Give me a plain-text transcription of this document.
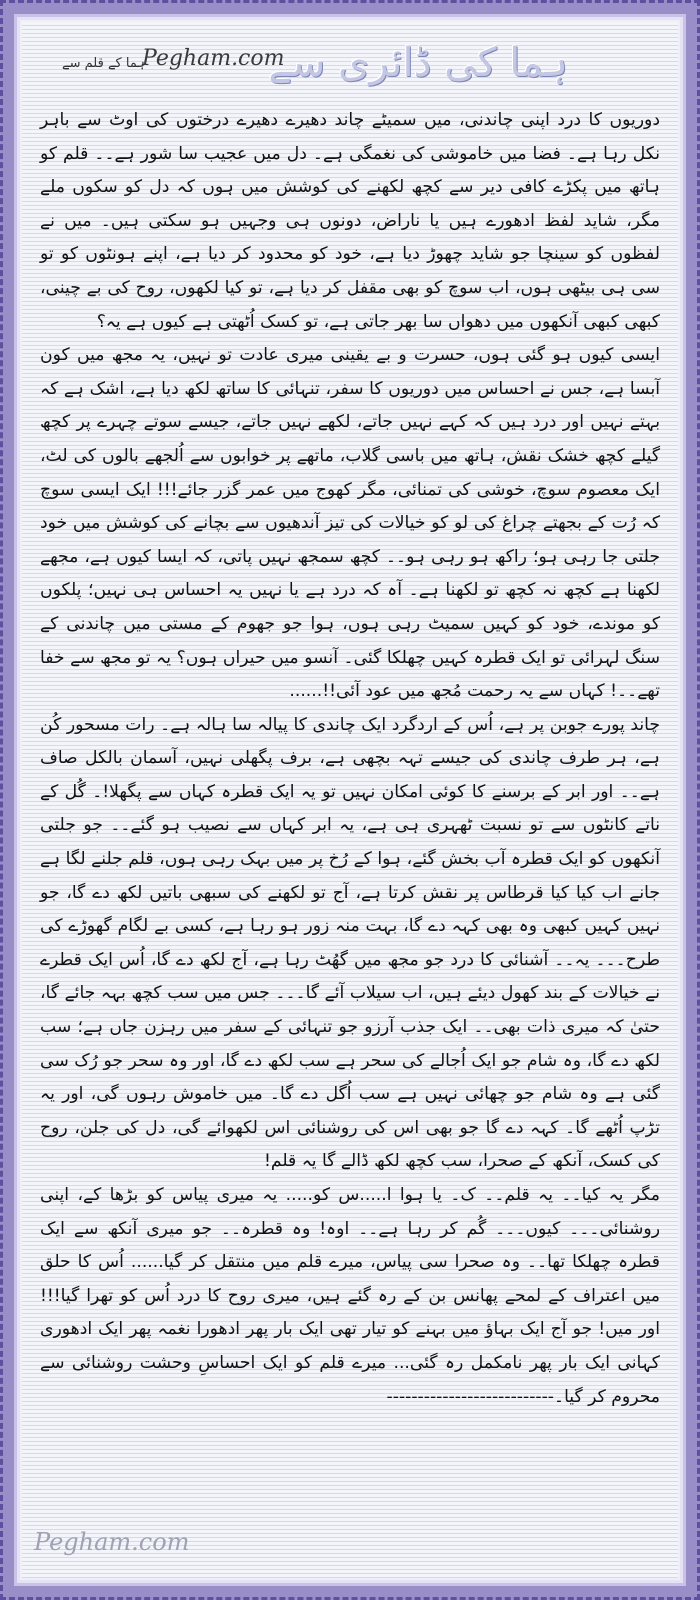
ہما کی ڈائری سے
Pegham.com
ہما کے قلم سے

دوریوں کا درد اپنی چاندنی، میں سمیٹے چاند دھیرے دھیرے درختوں کی اوٹ سے باہر نکل رہا ہے۔ فضا میں خاموشی کی نغمگی ہے۔ دل میں عجیب سا شور ہے۔۔ قلم کو ہاتھ میں پکڑے کافی دیر سے کچھ لکھنے کی کوشش میں ہوں کہ دل کو سکوں ملے مگر، شاید لفظ ادھورے ہیں یا ناراض، دونوں ہی وجہیں ہو سکتی ہیں۔ میں نے لفظوں کو سینچا جو شاید چھوڑ دیا ہے، خود کو محدود کر دیا ہے، اپنے ہونٹوں کو تو سی ہی بیٹھی ہوں، اب سوچ کو بھی مقفل کر دیا ہے، تو کیا لکھوں، روح کی بے چینی، کبھی کبھی آنکھوں میں دھواں سا بھر جاتی ہے، تو کسک اُٹھتی ہے کیوں ہے یہ؟

ایسی کیوں ہو گئی ہوں، حسرت و بے یقینی میری عادت تو نہیں، یہ مجھ میں کون آبسا ہے، جس نے احساس میں دوریوں کا سفر، تنہائی کا ساتھ لکھ دیا ہے، اشک ہے کہ بہتے نہیں اور درد ہیں کہ کہے نہیں جاتے، لکھے نہیں جاتے، جیسے سوتے چہرے پر کچھ گیلے کچھ خشک نقش، ہاتھ میں باسی گلاب، ماتھے پر خوابوں سے اُلجھے بالوں کی لٹ، ایک معصوم سوچ، خوشی کی تمنائی، مگر کھوج میں عمر گزر جائے!!! ایک ایسی سوچ کہ رُت کے بجھتے چراغ کی لو کو خیالات کی تیز آندھیوں سے بچانے کی کوشش میں خود جلتی جا رہی ہو؛ راکھ ہو رہی ہو۔۔ کچھ سمجھ نہیں پاتی، کہ ایسا کیوں ہے، مجھے لکھنا ہے کچھ نہ کچھ تو لکھنا ہے۔ آہ کہ درد ہے یا نہیں یہ احساس ہی نہیں؛ پلکوں کو موندے، خود کو کہیں سمیٹ رہی ہوں، ہوا جو جھوم کے مستی میں چاندنی کے سنگ لہرائی تو ایک قطرہ کہیں چھلکا گئی۔ آنسو میں حیراں ہوں؟ یہ تو مجھ سے خفا تھے۔۔! کہاں سے یہ رحمت مُجھ میں عود آئی!!......

چاند پورے جوبن پر ہے، اُس کے اردگرد ایک چاندی کا پیالہ سا ہالہ ہے۔ رات مسحور کُن ہے، ہر طرف چاندی کی جیسے تہہ بچھی ہے، برف پگھلی نہیں، آسمان بالکل صاف ہے۔۔ اور ابر کے برسنے کا کوئی امکان نہیں تو یہ ایک قطرہ کہاں سے پگھلا!۔ گُل کے ناتے کانٹوں سے تو نسبت ٹھہری ہی ہے، یہ ابر کہاں سے نصیب ہو گئے۔۔ جو جلتی آنکھوں کو ایک قطرہ آب بخش گئے، ہوا کے رُخ پر میں بہک رہی ہوں، قلم جلنے لگا ہے جانے اب کیا کیا قرطاس پر نقش کرتا ہے، آج تو لکھنے کی سبھی باتیں لکھ دے گا، جو نہیں کہیں کبھی وہ بھی کہہ دے گا، بہت منہ زور ہو رہا ہے، کسی بے لگام گھوڑے کی طرح۔۔۔ یہ۔۔ آشنائی کا درد جو مجھ میں گھُٹ رہا ہے، آج لکھ دے گا، اُس ایک قطرے نے خیالات کے بند کھول دیئے ہیں، اب سیلاب آئے گا۔۔۔ جس میں سب کچھ بہہ جائے گا، حتیٰ کہ میری ذات بھی۔۔ ایک جذب آرزو جو تنہائی کے سفر میں رہزن جاں ہے؛ سب لکھ دے گا، وہ شام جو ایک اُجالے کی سحر ہے سب لکھ دے گا، اور وہ سحر جو رُک سی گئی ہے وہ شام جو چھائی نہیں ہے سب اُگل دے گا۔ میں خاموش رہوں گی، اور یہ تڑپ اُٹھے گا۔ کہہ دے گا جو بھی اس کی روشنائی اس لکھوائے گی، دل کی جلن، روح کی کسک، آنکھ کے صحرا، سب کچھ لکھ ڈالے گا یہ قلم!

مگر یہ کیا۔۔ یہ قلم۔۔ ک۔ یا ہوا ا.....س کو..... یہ میری پیاس کو بڑھا کے، اپنی روشنائی۔۔۔ کیوں۔۔۔ گُم کر رہا ہے۔۔ اوہ! وہ قطرہ۔۔ جو میری آنکھ سے ایک قطرہ چھلکا تھا۔۔ وہ صحرا سی پیاس، میرے قلم میں منتقل کر گیا...... اُس کا حلق میں اعتراف کے لمحے پھانس بن کے رہ گئے ہیں، میری روح کا درد اُس کو تھرا گیا!!! اور میں! جو آج ایک بہاؤ میں بہنے کو تیار تھی ایک بار پھر ادھورا نغمہ پھر ایک ادھوری کہانی ایک بار پھر نامکمل رہ گئی... میرے قلم کو ایک احساسِ وحشت روشنائی سے محروم کر گیا۔---------------------------

Pegham.com
